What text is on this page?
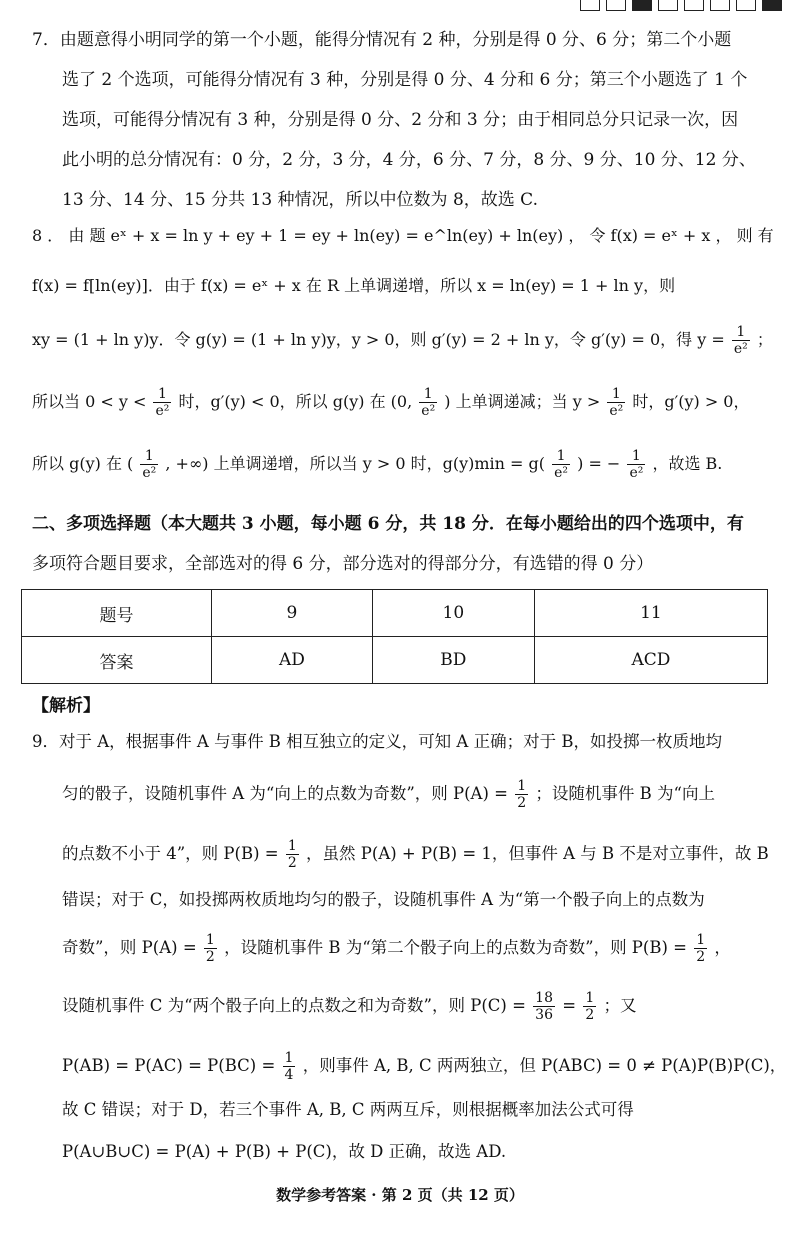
7．由题意得小明同学的第一个小题，能得分情况有 2 种，分别是得 0 分、6 分；第二个小题
选了 2 个选项，可能得分情况有 3 种，分别是得 0 分、4 分和 6 分；第三个小题选了 1 个
选项，可能得分情况有 3 种，分别是得 0 分、2 分和 3 分；由于相同总分只记录一次，因
此小明的总分情况有：0 分，2 分，3 分，4 分，6 分、7 分，8 分、9 分、10 分、12 分、
13 分、14 分、15 分共 13 种情况，所以中位数为 8，故选 C.
8 ． 由 题 eˣ + x = ln y + ey + 1 = ey + ln(ey) = e^ln(ey) + ln(ey) ， 令 f(x) = eˣ + x ， 则 有
f(x) = f[ln(ey)]．由于 f(x) = eˣ + x 在 R 上单调递增，所以 x = ln(ey) = 1 + ln y，则
xy = (1 + ln y)y．令 g(y) = (1 + ln y)y，y > 0，则 g′(y) = 2 + ln y，令 g′(y) = 0，得 $y = \frac{1}{\text{e²}}$ ；
所以当 $0 < y < \frac{1}{\text{e²}}$ 时，g′(y) < 0，所以 g(y) 在 (0, $\frac{1}{\text{e²}}$ ) 上单调递减；当 $y > \frac{1}{\text{e²}}$ 时，g′(y) > 0，
所以 g(y) 在 ( $\frac{1}{\text{e²}}$ , +∞) 上单调递增，所以当 y > 0 时，$g(y)\min = g( \frac{1}{\text{e²}}$ ) = − $\frac{1}{\text{e²}}$ ，故选 B.
二、多项选择题（本大题共 3 小题，每小题 6 分，共 18 分．在每小题给出的四个选项中，有
多项符合题目要求，全部选对的得 6 分，部分选对的得部分分，有选错的得 0 分）
题号	9	10	11
答案	AD	BD	ACD
【解析】
9．对于 A，根据事件 A 与事件 B 相互独立的定义，可知 A 正确；对于 B，如投掷一枚质地均
匀的骰子，设随机事件 A 为“向上的点数为奇数”，则 $P(A) = \frac{1}{2}$ ；设随机事件 B 为“向上
的点数不小于 4”，则 $P(B) = \frac{1}{2}$ ，虽然 P(A) + P(B) = 1，但事件 A 与 B 不是对立事件，故 B
错误；对于 C，如投掷两枚质地均匀的骰子，设随机事件 A 为“第一个骰子向上的点数为
奇数”，则 $P(A) = \frac{1}{2}$ ，设随机事件 B 为“第二个骰子向上的点数为奇数”，则 $P(B) = \frac{1}{2}$ ，
设随机事件 C 为“两个骰子向上的点数之和为奇数”，则 $P(C) = \frac{18}{36} = \frac{1}{2}$ ；又
$P(AB) = P(AC) = P(BC) = \frac{1}{4}$ ，则事件 A, B, C 两两独立，但 P(ABC) = 0 ≠ P(A)P(B)P(C)，
故 C 错误；对于 D，若三个事件 A, B, C 两两互斥，则根据概率加法公式可得
P(A∪B∪C) = P(A) + P(B) + P(C)，故 D 正确，故选 AD.
数学参考答案 · 第 2 页（共 12 页）
